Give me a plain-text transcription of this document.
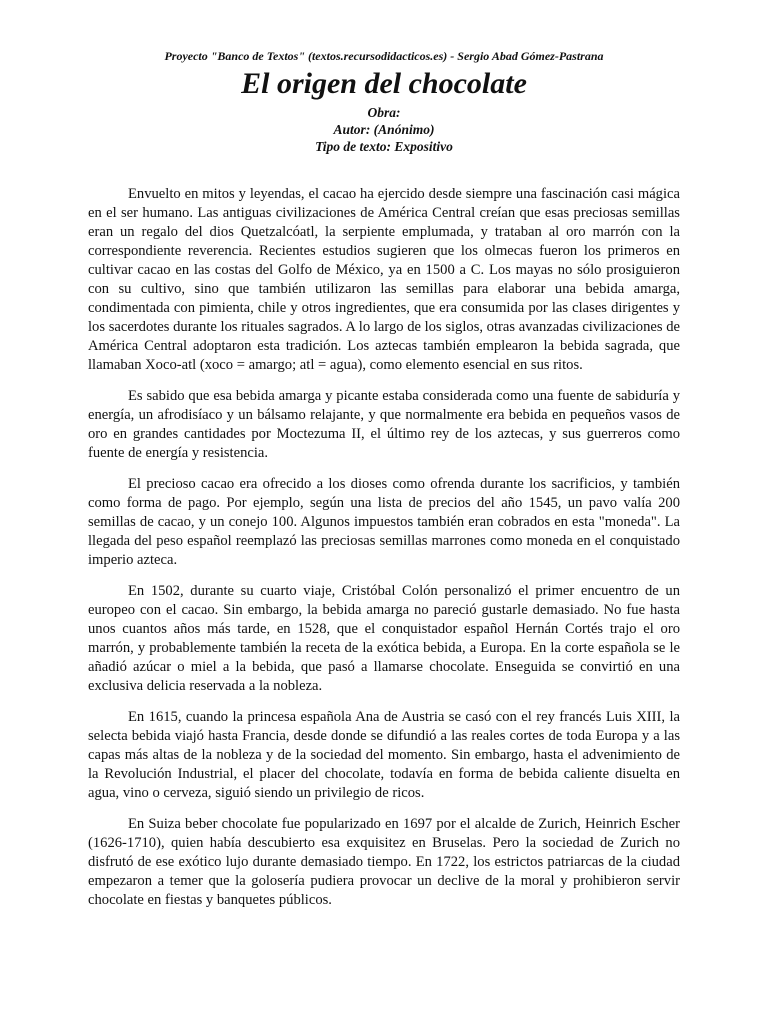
Proyecto "Banco de Textos" (textos.recursodidacticos.es) - Sergio Abad Gómez-Pastrana
El origen del chocolate
Obra:
Autor: (Anónimo)
Tipo de texto: Expositivo

Envuelto en mitos y leyendas, el cacao ha ejercido desde siempre una fascinación casi mágica en el ser humano. Las antiguas civilizaciones de América Central creían que esas preciosas semillas eran un regalo del dios Quetzalcóatl, la serpiente emplumada, y trataban al oro marrón con la correspondiente reverencia. Recientes estudios sugieren que los olmecas fueron los primeros en cultivar cacao en las costas del Golfo de México, ya en 1500 a C. Los mayas no sólo prosiguieron con su cultivo, sino que también utilizaron las semillas para elaborar una bebida amarga, condimentada con pimienta, chile y otros ingredientes, que era consumida por las clases dirigentes y los sacerdotes durante los rituales sagrados. A lo largo de los siglos, otras avanzadas civilizaciones de América Central adoptaron esta tradición. Los aztecas también emplearon la bebida sagrada, que llamaban Xoco-atl (xoco = amargo; atl = agua), como elemento esencial en sus ritos.

Es sabido que esa bebida amarga y picante estaba considerada como una fuente de sabiduría y energía, un afrodisíaco y un bálsamo relajante, y que normalmente era bebida en pequeños vasos de oro en grandes cantidades por Moctezuma II, el último rey de los aztecas, y sus guerreros como fuente de energía y resistencia.

El precioso cacao era ofrecido a los dioses como ofrenda durante los sacrificios, y también como forma de pago. Por ejemplo, según una lista de precios del año 1545, un pavo valía 200 semillas de cacao, y un conejo 100. Algunos impuestos también eran cobrados en esta "moneda". La llegada del peso español reemplazó las preciosas semillas marrones como moneda en el conquistado imperio azteca.

En 1502, durante su cuarto viaje, Cristóbal Colón personalizó el primer encuentro de un europeo con el cacao. Sin embargo, la bebida amarga no pareció gustarle demasiado. No fue hasta unos cuantos años más tarde, en 1528, que el conquistador español Hernán Cortés trajo el oro marrón, y probablemente también la receta de la exótica bebida, a Europa. En la corte española se le añadió azúcar o miel a la bebida, que pasó a llamarse chocolate. Enseguida se convirtió en una exclusiva delicia reservada a la nobleza.

En 1615, cuando la princesa española Ana de Austria se casó con el rey francés Luis XIII, la selecta bebida viajó hasta Francia, desde donde se difundió a las reales cortes de toda Europa y a las capas más altas de la nobleza y de la sociedad del momento. Sin embargo, hasta el advenimiento de la Revolución Industrial, el placer del chocolate, todavía en forma de bebida caliente disuelta en agua, vino o cerveza, siguió siendo un privilegio de ricos.

En Suiza beber chocolate fue popularizado en 1697 por el alcalde de Zurich, Heinrich Escher (1626-1710), quien había descubierto esa exquisitez en Bruselas. Pero la sociedad de Zurich no disfrutó de ese exótico lujo durante demasiado tiempo. En 1722, los estrictos patriarcas de la ciudad empezaron a temer que la golosería pudiera provocar un declive de la moral y prohibieron servir chocolate en fiestas y banquetes públicos.
